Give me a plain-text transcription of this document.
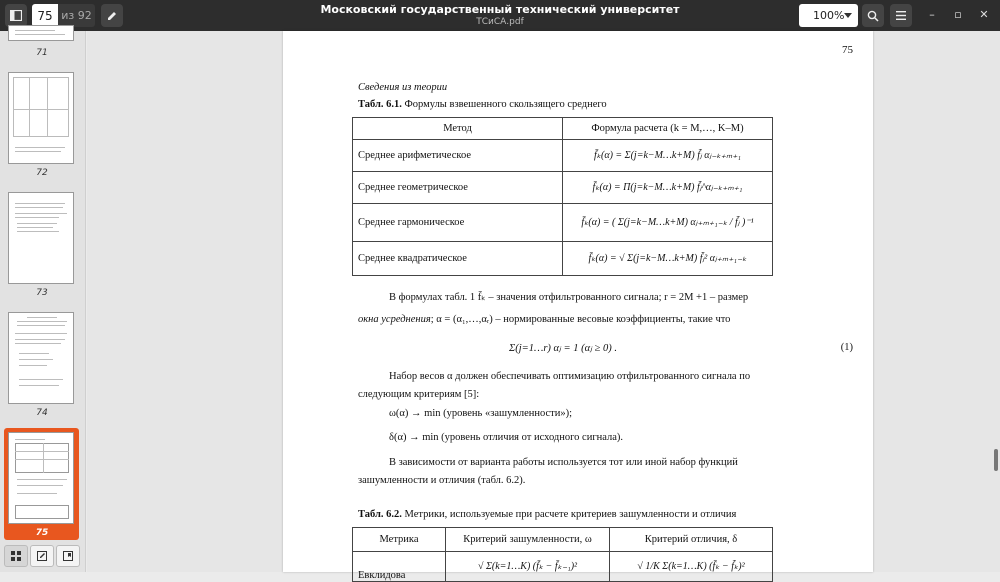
75 из 92	Московский государственный технический университет
ТСиСА.pdf	100%	–	▫ ✕
71
72
73
74
75
75
Сведения из теории
Табл. 6.1. Формулы взвешенного скользящего среднего
Метод	Формула расчета (k = M,…, K–M)
Среднее арифметическое	f̄ₖ(α) = Σ(j=k−M…k+M) f̃ⱼ αⱼ₋ₖ₊ₘ₊₁
Среднее геометрическое	f̄ₖ(α) = Π(j=k−M…k+M) f̃ⱼ^αⱼ₋ₖ₊ₘ₊₁
Среднее гармоническое	f̄ₖ(α) = ( Σ(j=k−M…k+M) αⱼ₊ₘ₊₁₋ₖ / f̃ⱼ )⁻¹
Среднее квадратическое	f̄ₖ(α) = √ Σ(j=k−M…k+M) f̃ⱼ² αⱼ₊ₘ₊₁₋ₖ
В формулах табл. 1 f̄ₖ – значения отфильтрованного сигнала; r = 2M +1 – размер
окна усреднения; α = (α₁,…,αᵣ) – нормированные весовые коэффициенты, такие что
Σ(j=1…r) αⱼ = 1 (αⱼ ≥ 0) .	(1)
Набор весов α должен обеспечивать оптимизацию отфильтрованного сигнала по
следующим критериям [5]:
ω(α) → min (уровень «зашумленности»);
δ(α) → min (уровень отличия от исходного сигнала).
В зависимости от варианта работы используется тот или иной набор функций
зашумленности и отличия (табл. 6.2).
Табл. 6.2. Метрики, используемые при расчете критериев зашумленности и отличия
Метрика	Критерий зашумленности, ω	Критерий отличия, δ
Евклидова	√ Σ(k=1…K) (f̄ₖ − f̄ₖ₋₁)²	√ 1/K Σ(k=1…K) (f̄ₖ − f̃ₖ)²
